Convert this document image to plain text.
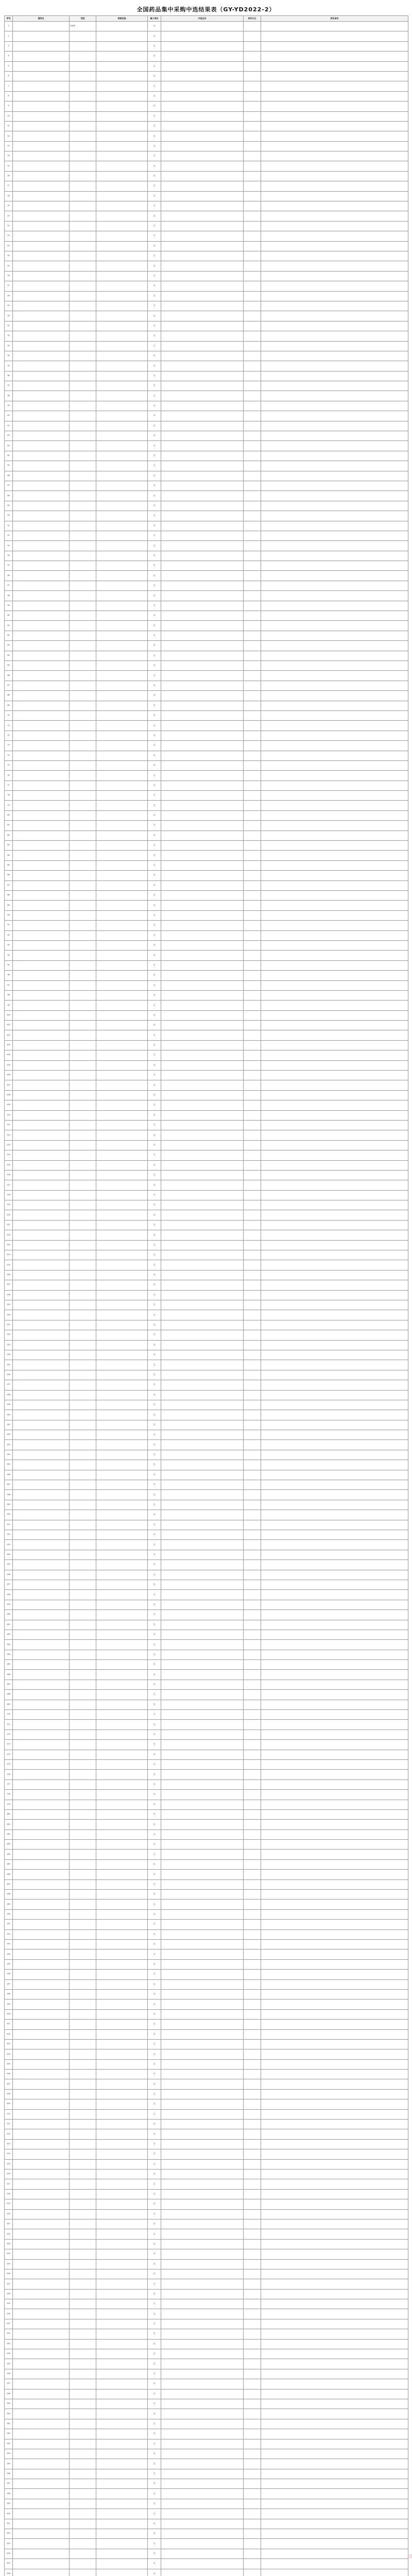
全国药品集中采购中选结果表（GY-YD2022-2）
序号	通用名	剂型	规格包装	最小单位	中选企业	单价(元)	供应省份
1		注射剂		支			
2				支			
3				支			
4				支			
5				支			
6				支			
7				支			
8				支			
9				支			
10				支			
11				支			
12				支			
13				支			
14				支			
15				支			
16				支			
17				支			
18				支			
19				支			
20				支			
21				支			
22				支			
23				支			
24				支			
25				支			
26				支			
27				支			
28				支			
29				支			
30				支			
31				支			
32				支			
33				支			
34				支			
35				支			
36				支			
37				支			
38				支			
39				支			
40				支			
41				支			
42				支			
43				支			
44				支			
45				支			
46				支			
47				支			
48				支			
49				支			
50				支			
51				支			
52				支			
53				支			
54				支			
55				支			
56				支			
57				支			
58				支			
59				支			
60				支			
61				支			
62				支			
63				支			
64				支			
65				支			
66				支			
67				支			
68				支			
69				支			
70				支			
71				支			
72				支			
73				支			
74				支			
75				支			
76				支			
77				支			
78				支			
79				支			
80				支			
81				支			
82				支			
83				支			
84				支			
85				支			
86				支			
87				支			
88				支			
89				支			
90				支			
91				支			
92				支			
93				支			
94				支			
95				支			
96				支			
97				支			
98				支			
99				支			
100				支			
101				支			
102				支			
103				支			
104				支			
105				支			
106				支			
107				支			
108				支			
109				支			
110				支			
111				支			
112				支			
113				支			
114				支			
115				支			
116				支			
117				支			
118				支			
119				支			
120				支			
121				支			
122				支			
123				支			
124				支			
125				支			
126				支			
127				支			
128				支			
129				支			
130				支			
131				支			
132				支			
133				支			
134				支			
135				支			
136				支			
137				支			
138				支			
139				支			
140				支			
141				支			
142				支			
143				支			
144				支			
145				支			
146				支			
147				支			
148				支			
149				支			
150				支			
151				支			
152				支			
153				支			
154				支			
155				支			
156				支			
157				支			
158				支			
159				支			
160				支			
161				支			
162				支			
163				支			
164				支			
165				支			
166				支			
167				支			
168				支			
169				支			
170				支			
171				支			
172				支			
173				支			
174				支			
175				支			
176				支			
177				支			
178				支			
179				支			
180				支			
181				支			
182				支			
183				支			
184				支			
185				支			
186				支			
187				支			
188				支			
189				支			
190				支			
191				支			
192				支			
193				支			
194				支			
195				支			
196				支			
197				支			
198				支			
199				支			
200				支			
201				支			
202				支			
203				支			
204				支			
205				支			
206				支			
207				支			
208				支			
209				支			
210				支			
211				支			
212				支			
213				支			
214				支			
215				支			
216				支			
217				支			
218				支			
219				支			
220				支			
221				支			
222				支			
223				支			
224				支			
225				支			
226				支			
227				支			
228				支			
229				支			
230				支			
231				支			
232				支			
233				支			
234				支			
235				支			
236				支			
237				支			
238				支			
239				支			
240				支			
241				支			
242				支			
243				支			
244				支			
245				支			
246				支			
247				支			
248				支			
249				支			
250				支			
251				支			
252				支			
253				支			
254				支			
255				支			
256				支			
